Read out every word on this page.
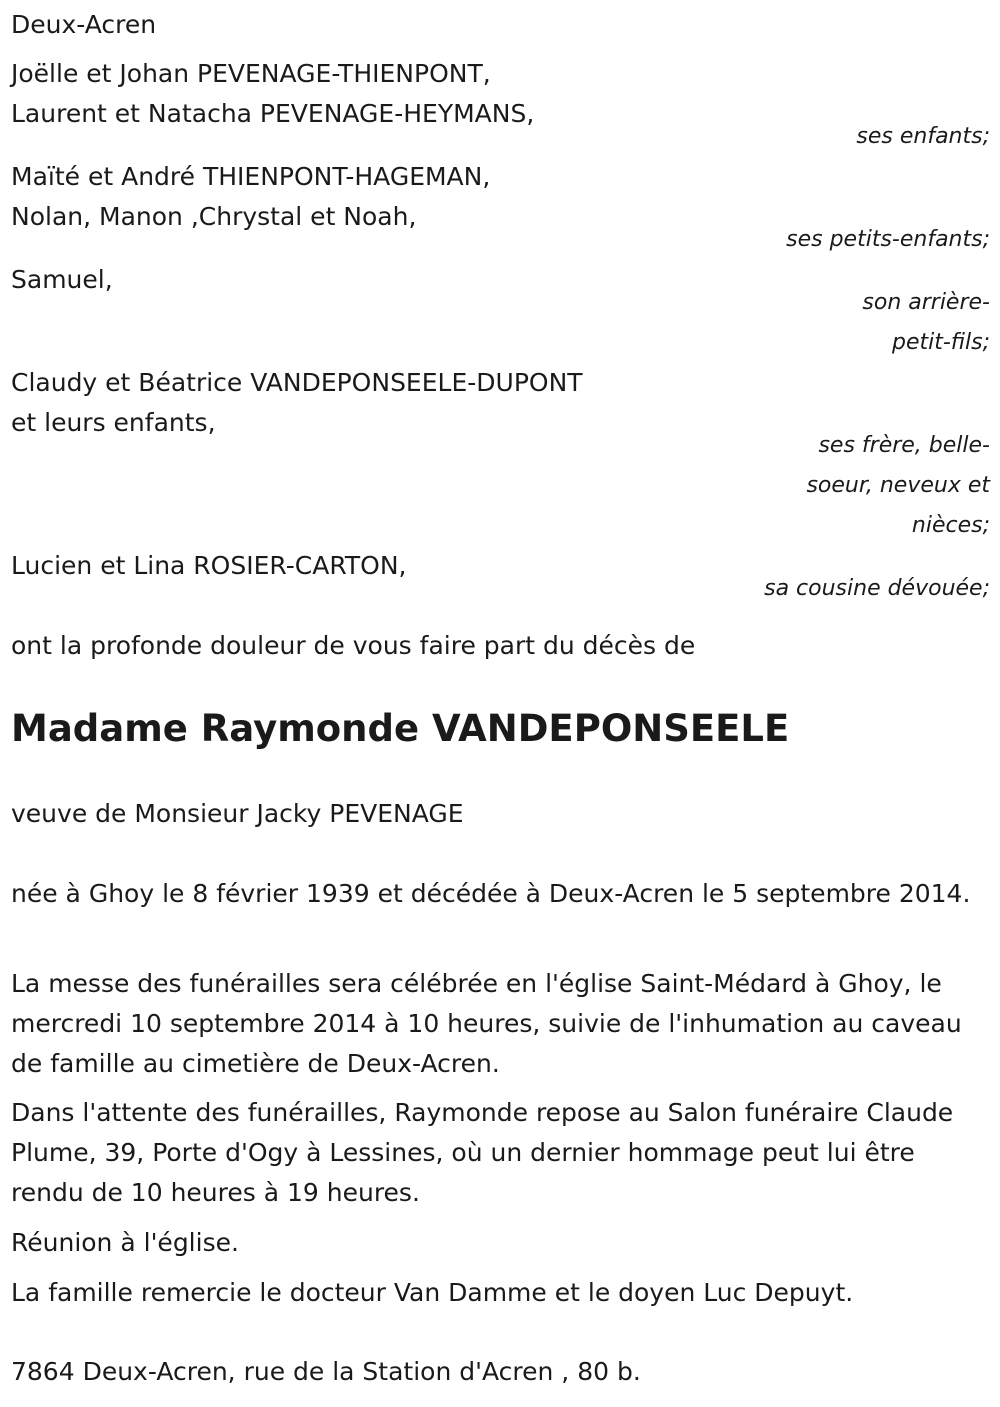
Deux-Acren
Joëlle et Johan PEVENAGE-THIENPONT,
Laurent et Natacha PEVENAGE-HEYMANS,
ses enfants;
Maïté et André THIENPONT-HAGEMAN,
Nolan, Manon ,Chrystal et Noah,
ses petits-enfants;
Samuel,
son arrière-
petit-fils;
Claudy et Béatrice VANDEPONSEELE-DUPONT
et leurs enfants,
ses frère, belle-
soeur, neveux et
nièces;
Lucien et Lina ROSIER-CARTON,
sa cousine dévouée;
ont la profonde douleur de vous faire part du décès de
Madame Raymonde VANDEPONSEELE
veuve de Monsieur Jacky PEVENAGE
née à Ghoy le 8 février 1939 et décédée à Deux-Acren le 5 septembre 2014.
La messe des funérailles sera célébrée en l'église Saint-Médard à Ghoy, le mercredi 10 septembre 2014 à 10 heures, suivie de l'inhumation au caveau de famille au cimetière de Deux-Acren.
Dans l'attente des funérailles, Raymonde repose au Salon funéraire Claude Plume, 39, Porte d'Ogy à Lessines, où un dernier hommage peut lui être rendu de 10 heures à 19 heures.
Réunion à l'église.
La famille remercie le docteur Van Damme et le doyen Luc Depuyt.
7864 Deux-Acren, rue de la Station d'Acren , 80 b.
